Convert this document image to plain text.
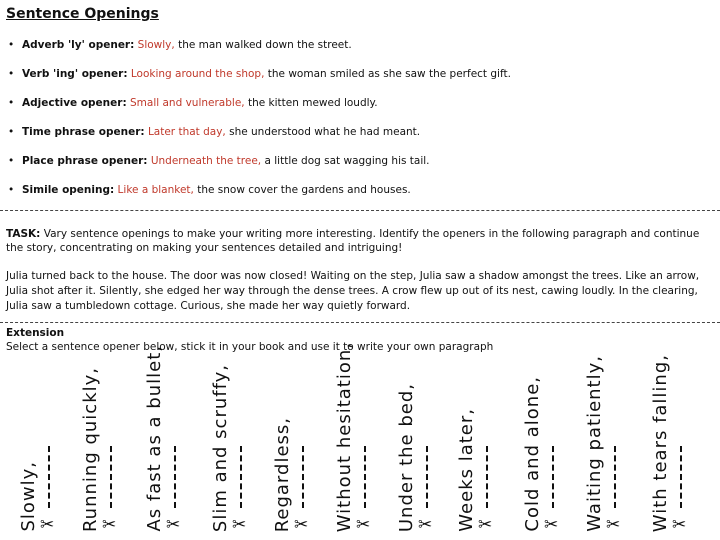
Sentence Openings
• Adverb 'ly' opener: Slowly, the man walked down the street.
• Verb 'ing' opener: Looking around the shop, the woman smiled as she saw the perfect gift.
• Adjective opener: Small and vulnerable, the kitten mewed loudly.
• Time phrase opener: Later that day, she understood what he had meant.
• Place phrase opener: Underneath the tree, a little dog sat wagging his tail.
• Simile opening: Like a blanket, the snow cover the gardens and houses.
TASK: Vary sentence openings to make your writing more interesting. Identify the openers in the following paragraph and continue the story, concentrating on making your sentences detailed and intriguing!
Julia turned back to the house. The door was now closed! Waiting on the step, Julia saw a shadow amongst the trees. Like an arrow, Julia shot after it. Silently, she edged her way through the dense trees. A crow flew up out of its nest, cawing loudly. In the clearing, Julia saw a tumbledown cottage. Curious, she made her way quietly forward.
Extension
Select a sentence opener below, stick it in your book and use it to write your own paragraph
Slowly, ✂ Running quickly, ✂ As fast as a bullet, ✂ Slim and scruffy, ✂ Regardless, ✂ Without hesitation, ✂ Under the bed, ✂ Weeks later, ✂ Cold and alone, ✂ Waiting patiently, ✂ With tears falling, ✂
